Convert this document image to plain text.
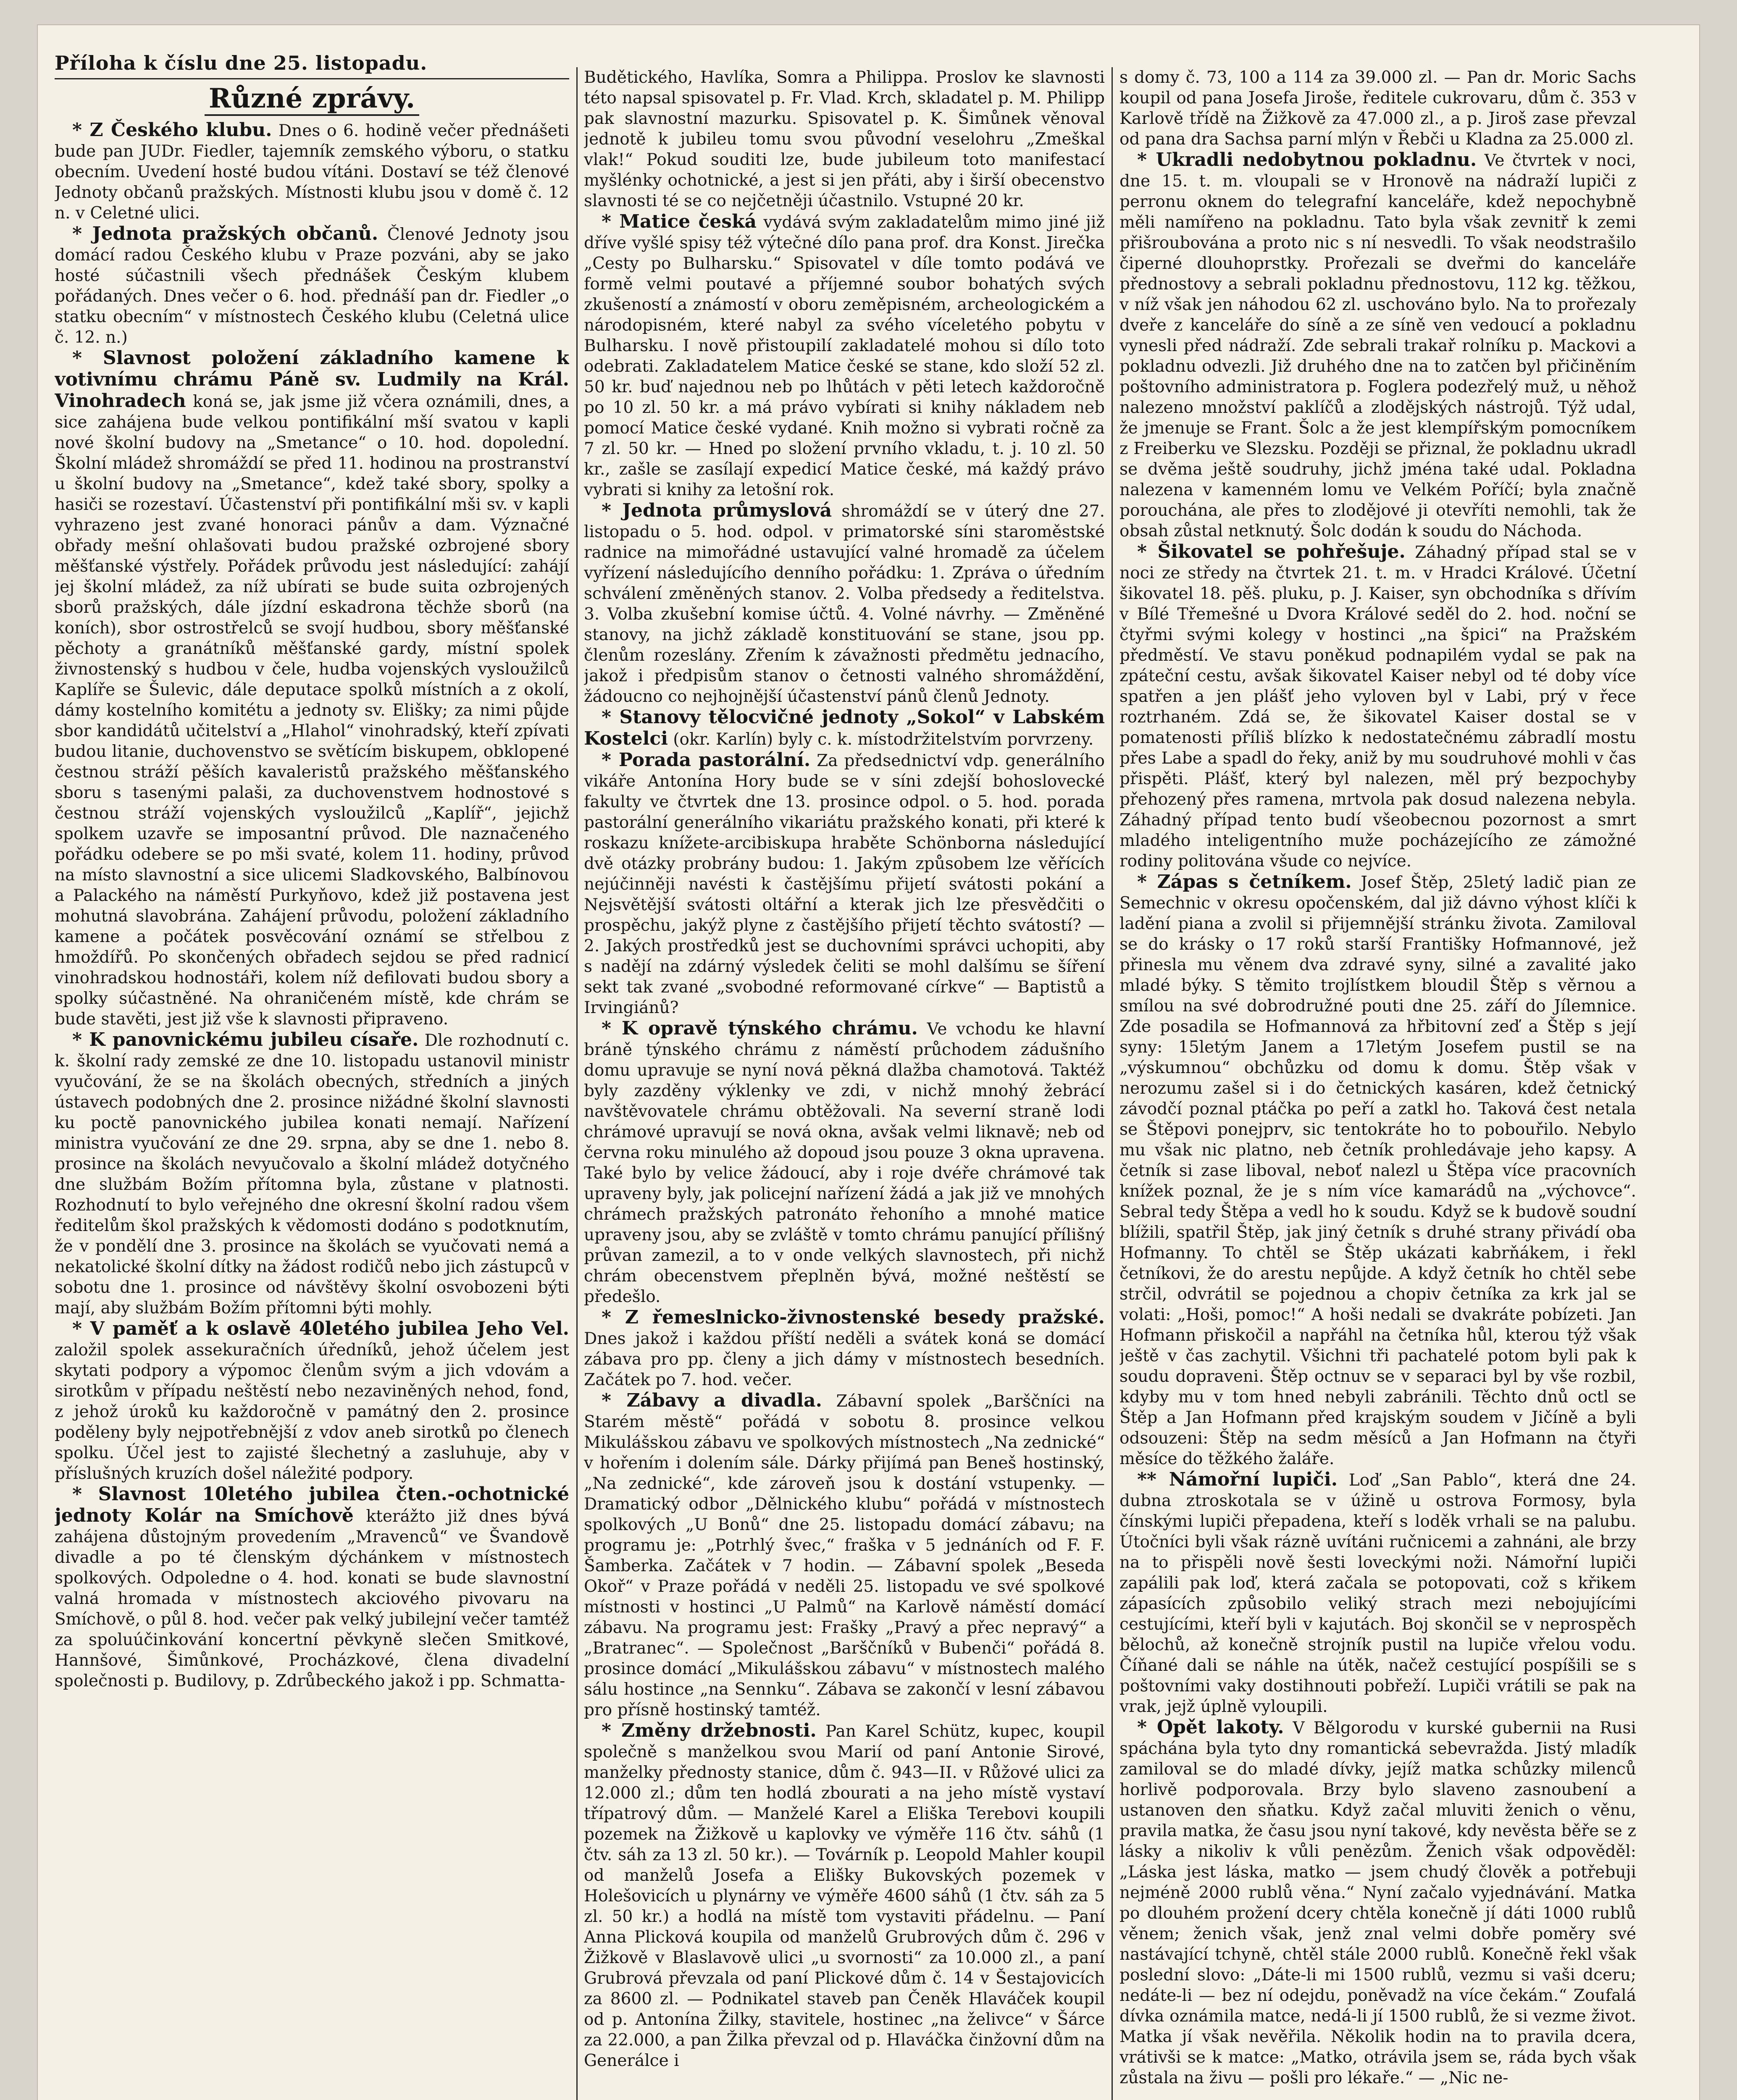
Příloha k číslu dne 25. listopadu.
Různé zprávy.

* Z Českého klubu. Dnes o 6. hodině večer přednášeti bude pan JUDr. Fiedler, tajemník zemského výboru, o statku obecním. Uvedení hosté budou vítáni. Dostaví se též členové Jednoty občanů pražských. Místnosti klubu jsou v domě č. 12 n. v Celetné ulici.

* Jednota pražských občanů. Členové Jednoty jsou domácí radou Českého klubu v Praze pozváni, aby se jako hosté súčastnili všech přednášek Českým klubem pořádaných. Dnes večer o 6. hod. přednáší pan dr. Fiedler „o statku obecním“ v místnostech Českého klubu (Celetná ulice č. 12. n.)

* Slavnost položení základního kamene k votivnímu chrámu Páně sv. Ludmily na Král. Vinohradech koná se, jak jsme již včera oznámili, dnes, a sice zahájena bude velkou pontifikální mší svatou v kapli nové školní budovy na „Smetance“ o 10. hod. dopolední. Školní mládež shromáždí se před 11. hodinou na prostranství u školní budovy na „Smetance“, kdež také sbory, spolky a hasiči se rozestaví. Účastenství při pontifikální mši sv. v kapli vyhrazeno jest zvané honoraci pánův a dam. Význačné obřady mešní ohlašovati budou pražské ozbrojené sbory měšťanské výstřely. Pořádek průvodu jest následující: zahájí jej školní mládež, za níž ubírati se bude suita ozbrojených sborů pražských, dále jízdní eskadrona těchže sborů (na koních), sbor ostrostřelců se svojí hudbou, sbory měšťanské pěchoty a granátníků měšťanské gardy, místní spolek živnostenský s hudbou v čele, hudba vojenských vysloužilců Kaplíře se Šulevic, dále deputace spolků místních a z okolí, dámy kostelního komitétu a jednoty sv. Elišky; za nimi půjde sbor kandidátů učitelství a „Hlahol“ vinohradský, kteří zpívati budou litanie, duchovenstvo se světícím biskupem, obklopené čestnou stráží pěších kavaleristů pražského měšťanského sboru s tasenými palaši, za duchovenstvem hodnostové s čestnou stráží vojenských vysloužilců „Kaplíř“, jejichž spolkem uzavře se imposantní průvod. Dle naznačeného pořádku odebere se po mši svaté, kolem 11. hodiny, průvod na místo slavnostní a sice ulicemi Sladkovského, Balbínovou a Palackého na náměstí Purkyňovo, kdež již postavena jest mohutná slavobrána. Zahájení průvodu, položení základního kamene a počátek posvěcování oznámí se střelbou z hmoždířů. Po skončených obřadech sejdou se před radnicí vinohradskou hodnostáři, kolem níž defilovati budou sbory a spolky súčastněné. Na ohraničeném místě, kde chrám se bude stavěti, jest již vše k slavnosti připraveno.

* K panovnickému jubileu císaře. Dle rozhodnutí c. k. školní rady zemské ze dne 10. listopadu ustanovil ministr vyučování, že se na školách obecných, středních a jiných ústavech podobných dne 2. prosince nižádné školní slavnosti ku poctě panovnického jubilea konati nemají. Nařízení ministra vyučování ze dne 29. srpna, aby se dne 1. nebo 8. prosince na školách nevyučovalo a školní mládež dotyčného dne službám Božím přítomna byla, zůstane v platnosti. Rozhodnutí to bylo veřejného dne okresní školní radou všem ředitelům škol pražských k vědomosti dodáno s podotknutím, že v pondělí dne 3. prosince na školách se vyučovati nemá a nekatolické školní dítky na žádost rodičů nebo jich zástupců v sobotu dne 1. prosince od návštěvy školní osvobozeni býti mají, aby službám Božím přítomni býti mohly.

* V paměť a k oslavě 40letého jubilea Jeho Vel. založil spolek assekuračních úředníků, jehož účelem jest skytati podpory a výpomoc členům svým a jich vdovám a sirotkům v případu neštěstí nebo nezaviněných nehod, fond, z jehož úroků ku každoročně v památný den 2. prosince poděleny byly nejpotřebnější z vdov aneb sirotků po členech spolku. Účel jest to zajisté šlechetný a zasluhuje, aby v příslušných kruzích došel náležité podpory.

* Slavnost 10letého jubilea čten.-ochotnické jednoty Kolár na Smíchově kterážto již dnes bývá zahájena důstojným provedením „Mravenců“ ve Švandově divadle a po té členským dýchánkem v místnostech spolkových. Odpoledne o 4. hod. konati se bude slavnostní valná hromada v místnostech akciového pivovaru na Smíchově, o půl 8. hod. večer pak velký jubilejní večer tamtéž za spoluúčinkování koncertní pěvkyně slečen Smitkové, Hannšové, Šimůnkové, Procházkové, člena divadelní společnosti p. Budilovy, p. Zdrůbeckého jakož i pp. Schmatta-

Budětického, Havlíka, Somra a Philippa. Proslov ke slavnosti této napsal spisovatel p. Fr. Vlad. Krch, skladatel p. M. Philipp pak slavnostní mazurku. Spisovatel p. K. Šimůnek věnoval jednotě k jubileu tomu svou původní veselohru „Zmeškal vlak!“ Pokud souditi lze, bude jubileum toto manifestací myšlénky ochotnické, a jest si jen přáti, aby i širší obecenstvo slavnosti té se co nejčetněji účastnilo. Vstupné 20 kr.

* Matice česká vydává svým zakladatelům mimo jiné již dříve vyšlé spisy též výtečné dílo pana prof. dra Konst. Jirečka „Cesty po Bulharsku.“ Spisovatel v díle tomto podává ve formě velmi poutavé a příjemné soubor bohatých svých zkušeností a známostí v oboru zeměpisném, archeologickém a národopisném, které nabyl za svého víceletého pobytu v Bulharsku. I nově přistoupilí zakladatelé mohou si dílo toto odebrati. Zakladatelem Matice české se stane, kdo složí 52 zl. 50 kr. buď najednou neb po lhůtách v pěti letech každoročně po 10 zl. 50 kr. a má právo vybírati si knihy nákladem neb pomocí Matice české vydané. Knih možno si vybrati ročně za 7 zl. 50 kr. — Hned po složení prvního vkladu, t. j. 10 zl. 50 kr., zašle se zasílají expedicí Matice české, má každý právo vybrati si knihy za letošní rok.

* Jednota průmyslová shromáždí se v úterý dne 27. listopadu o 5. hod. odpol. v primatorské síni staroměstské radnice na mimořádné ustavující valné hromadě za účelem vyřízení následujícího denního pořádku: 1. Zpráva o úředním schválení změněných stanov. 2. Volba předsedy a ředitelstva. 3. Volba zkušební komise účtů. 4. Volné návrhy. — Změněné stanovy, na jichž základě konstituování se stane, jsou pp. členům rozeslány. Zřením k závažnosti předmětu jednacího, jakož i předpisům stanov o četnosti valného shromáždění, žádoucno co nejhojnější účastenství pánů členů Jednoty.

* Stanovy tělocvičné jednoty „Sokol“ v Labském Kostelci (okr. Karlín) byly c. k. místodržitelstvím porvrzeny.

* Porada pastorální. Za předsednictví vdp. generálního vikáře Antonína Hory bude se v síni zdejší bohoslovecké fakulty ve čtvrtek dne 13. prosince odpol. o 5. hod. porada pastorální generálního vikariátu pražského konati, při které k roskazu knížete-arcibiskupa hraběte Schönborna následující dvě otázky probrány budou: 1. Jakým způsobem lze věřících nejúčinněji navésti k častějšímu přijetí svátosti pokání a Nejsvětější svátosti oltářní a kterak jich lze přesvědčiti o prospěchu, jakýž plyne z častějšího přijetí těchto svátostí? — 2. Jakých prostředků jest se duchovními správci uchopiti, aby s nadějí na zdárný výsledek čeliti se mohl dalšímu se šíření sekt tak zvané „svobodné reformované církve“ — Baptistů a Irvingiánů?

* K opravě týnského chrámu. Ve vchodu ke hlavní bráně týnského chrámu z náměstí průchodem zádušního domu upravuje se nyní nová pěkná dlažba chamotová. Taktéž byly zazděny výklenky ve zdi, v nichž mnohý žebrácí navštěvovatele chrámu obtěžovali. Na severní straně lodi chrámové upravují se nová okna, avšak velmi liknavě; neb od června roku minulého až dopoud jsou pouze 3 okna upravena. Také bylo by velice žádoucí, aby i roje dvéře chrámové tak upraveny byly, jak policejní nařízení žádá a jak již ve mnohých chrámech pražských patronáto řehoního a mnohé matice upraveny jsou, aby se zvláště v tomto chrámu panující přílišný průvan zamezil, a to v onde velkých slavnostech, při nichž chrám obecenstvem přeplněn bývá, možné neštěstí se předešlo.

* Z řemeslnicko-živnostenské besedy pražské. Dnes jakož i každou příští neděli a svátek koná se domácí zábava pro pp. členy a jich dámy v místnostech besedních. Začátek po 7. hod. večer.

* Zábavy a divadla. Zábavní spolek „Barščníci na Starém městě“ pořádá v sobotu 8. prosince velkou Mikulášskou zábavu ve spolkových místnostech „Na zednické“ v hořením i dolením sále. Dárky přijímá pan Beneš hostinský, „Na zednické“, kde zároveň jsou k dostání vstupenky. — Dramatický odbor „Dělnického klubu“ pořádá v místnostech spolkových „U Bonů“ dne 25. listopadu domácí zábavu; na programu je: „Potrhlý švec,“ fraška v 5 jednáních od F. F. Šamberka. Začátek v 7 hodin. — Zábavní spolek „Beseda Okoř“ v Praze pořádá v neděli 25. listopadu ve své spolkové místnosti v hostinci „U Palmů“ na Karlově náměstí domácí zábavu. Na programu jest: Frašky „Pravý a přec nepravý“ a „Bratranec“. — Společnost „Barščníků v Bubenči“ pořádá 8. prosince domácí „Mikulášskou zábavu“ v místnostech malého sálu hostince „na Sennku“. Zábava se zakončí v lesní zábavou pro přísně hostinský tamtéž.

* Změny držebnosti. Pan Karel Schütz, kupec, koupil společně s manželkou svou Marií od paní Antonie Sirové, manželky přednosty stanice, dům č. 943—II. v Růžové ulici za 12.000 zl.; dům ten hodlá zbourati a na jeho místě vystaví třípatrový dům. — Manželé Karel a Eliška Terebovi koupili pozemek na Žižkově u kaplovky ve výměře 116 čtv. sáhů (1 čtv. sáh za 13 zl. 50 kr.). — Továrník p. Leopold Mahler koupil od manželů Josefa a Elišky Bukovských pozemek v Holešovicích u plynárny ve výměře 4600 sáhů (1 čtv. sáh za 5 zl. 50 kr.) a hodlá na místě tom vystaviti přádelnu. — Paní Anna Plicková koupila od manželů Grubrových dům č. 296 v Žižkově v Blaslavově ulici „u svornosti“ za 10.000 zl., a paní Grubrová převzala od paní Plickové dům č. 14 v Šestajovicích za 8600 zl. — Podnikatel staveb pan Čeněk Hlaváček koupil od p. Antonína Žilky, stavitele, hostinec „na želivce“ v Šárce za 22.000, a pan Žilka převzal od p. Hlaváčka činžovní dům na Generálce i

s domy č. 73, 100 a 114 za 39.000 zl. — Pan dr. Moric Sachs koupil od pana Josefa Jiroše, ředitele cukrovaru, dům č. 353 v Karlově třídě na Žižkově za 47.000 zl., a p. Jiroš zase převzal od pana dra Sachsa parní mlýn v Řebči u Kladna za 25.000 zl.

* Ukradli nedobytnou pokladnu. Ve čtvrtek v noci, dne 15. t. m. vloupali se v Hronově na nádraží lupiči z perronu oknem do telegrafní kanceláře, kdež nepochybně měli namířeno na pokladnu. Tato byla však zevnitř k zemi přišroubována a proto nic s ní nesvedli. To však neodstrašilo čiperné dlouhoprstky. Prořezali se dveřmi do kanceláře přednostovy a sebrali pokladnu přednostovu, 112 kg. těžkou, v níž však jen náhodou 62 zl. uschováno bylo. Na to prořezaly dveře z kanceláře do síně a ze síně ven vedoucí a pokladnu vynesli před nádraží. Zde sebrali trakař rolníku p. Mackovi a pokladnu odvezli. Již druhého dne na to zatčen byl přičiněním poštovního administratora p. Foglera podezřelý muž, u něhož nalezeno množství paklíčů a zlodějských nástrojů. Týž udal, že jmenuje se Frant. Šolc a že jest klempířským pomocníkem z Freiberku ve Slezsku. Později se přiznal, že pokladnu ukradl se dvěma ještě soudruhy, jichž jména také udal. Pokladna nalezena v kamenném lomu ve Velkém Poříčí; byla značně porouchána, ale přes to zlodějové ji otevříti nemohli, tak že obsah zůstal netknutý. Šolc dodán k soudu do Náchoda.

* Šikovatel se pohřešuje. Záhadný případ stal se v noci ze středy na čtvrtek 21. t. m. v Hradci Králové. Účetní šikovatel 18. pěš. pluku, p. J. Kaiser, syn obchodníka s dřívím v Bílé Třemešné u Dvora Králové seděl do 2. hod. noční se čtyřmi svými kolegy v hostinci „na špici“ na Pražském předměstí. Ve stavu poněkud podnapilém vydal se pak na zpáteční cestu, avšak šikovatel Kaiser nebyl od té doby více spatřen a jen plášť jeho vyloven byl v Labi, prý v řece roztrhaném. Zdá se, že šikovatel Kaiser dostal se v pomatenosti příliš blízko k nedostatečnému zábradlí mostu přes Labe a spadl do řeky, aniž by mu soudruhové mohli v čas přispěti. Plášť, který byl nalezen, měl prý bezpochyby přehozený přes ramena, mrtvola pak dosud nalezena nebyla. Záhadný případ tento budí všeobecnou pozornost a smrt mladého inteligentního muže pocházejícího ze zámožné rodiny politována všude co nejvíce.

* Zápas s četníkem. Josef Štěp, 25letý ladič pian ze Semechnic v okresu opočenském, dal již dávno výhost klíči k ladění piana a zvolil si přijemnější stránku života. Zamiloval se do krásky o 17 roků starší Františky Hofmannové, jež přinesla mu věnem dva zdravé syny, silné a zavalité jako mladé býky. S těmito trojlístkem bloudil Štěp s věrnou a smílou na své dobrodružné pouti dne 25. září do Jílemnice. Zde posadila se Hofmannová za hřbitovní zeď a Štěp s její syny: 15letým Janem a 17letým Josefem pustil se na „výskumnou“ obchůzku od domu k domu. Štěp však v nerozumu zašel si i do četnických kasáren, kdež četnický závodčí poznal ptáčka po peří a zatkl ho. Taková čest netala se Štěpovi ponejprv, sic tentokráte ho to pobouřilo. Nebylo mu však nic platno, neb četník prohledávaje jeho kapsy. A četník si zase liboval, neboť nalezl u Štěpa více pracovních knížek poznal, že je s ním více kamarádů na „výchovce“. Sebral tedy Štěpa a vedl ho k soudu. Když se k budově soudní blížili, spatřil Štěp, jak jiný četník s druhé strany přivádí oba Hofmanny. To chtěl se Štěp ukázati kabrňákem, i řekl četníkovi, že do arestu nepůjde. A když četník ho chtěl sebe strčil, odvrátil se pojednou a chopiv četníka za krk jal se volati: „Hoši, pomoc!“ A hoši nedali se dvakráte pobízeti. Jan Hofmann přiskočil a napřáhl na četníka hůl, kterou týž však ještě v čas zachytil. Všichni tři pachatelé potom byli pak k soudu dopraveni. Štěp octnuv se v separaci byl by vše rozbil, kdyby mu v tom hned nebyli zabránili. Těchto dnů octl se Štěp a Jan Hofmann před krajským soudem v Jičíně a byli odsouzeni: Štěp na sedm měsíců a Jan Hofmann na čtyři měsíce do těžkého žaláře.

** Námořní lupiči. Loď „San Pablo“, která dne 24. dubna ztroskotala se v úžině u ostrova Formosy, byla čínskými lupiči přepadena, kteří s loděk vrhali se na palubu. Útočníci byli však rázně uvítáni ručnicemi a zahnáni, ale brzy na to přispěli nově šesti loveckými noži. Námořní lupiči zapálili pak loď, která začala se potopovati, což s křikem zápasících způsobilo veliký strach mezi nebojujícími cestujícími, kteří byli v kajutách. Boj skončil se v neprospěch bělochů, až konečně strojník pustil na lupiče vřelou vodu. Číňané dali se náhle na útěk, načež cestující pospíšili se s poštovními vaky dostihnouti pobřeží. Lupiči vrátili se pak na vrak, jejž úplně vyloupili.

* Opět lakoty. V Bělgorodu v kurské gubernii na Rusi spáchána byla tyto dny romantická sebevražda. Jistý mladík zamiloval se do mladé dívky, jejíž matka schůzky milenců horlivě podporovala. Brzy bylo slaveno zasnoubení a ustanoven den sňatku. Když začal mluviti ženich o věnu, pravila matka, že času jsou nyní takové, kdy nevěsta běře se z lásky a nikoliv k vůli penězům. Ženich však odpověděl: „Láska jest láska, matko — jsem chudý člověk a potřebuji nejméně 2000 rublů věna.“ Nyní začalo vyjednávání. Matka po dlouhém prožení dcery chtěla konečně jí dáti 1000 rublů věnem; ženich však, jenž znal velmi dobře poměry své nastávající tchyně, chtěl stále 2000 rublů. Konečně řekl však poslední slovo: „Dáte-li mi 1500 rublů, vezmu si vaši dceru; nedáte-li — bez ní odejdu, poněvadž na více čekám.“ Zoufalá dívka oznámila matce, nedá-li jí 1500 rublů, že si vezme život. Matka jí však nevěřila. Několik hodin na to pravila dcera, vrátivši se k matce: „Matko, otrávila jsem se, ráda bych však zůstala na živu — pošli pro lékaře.“ — „Nic ne-
